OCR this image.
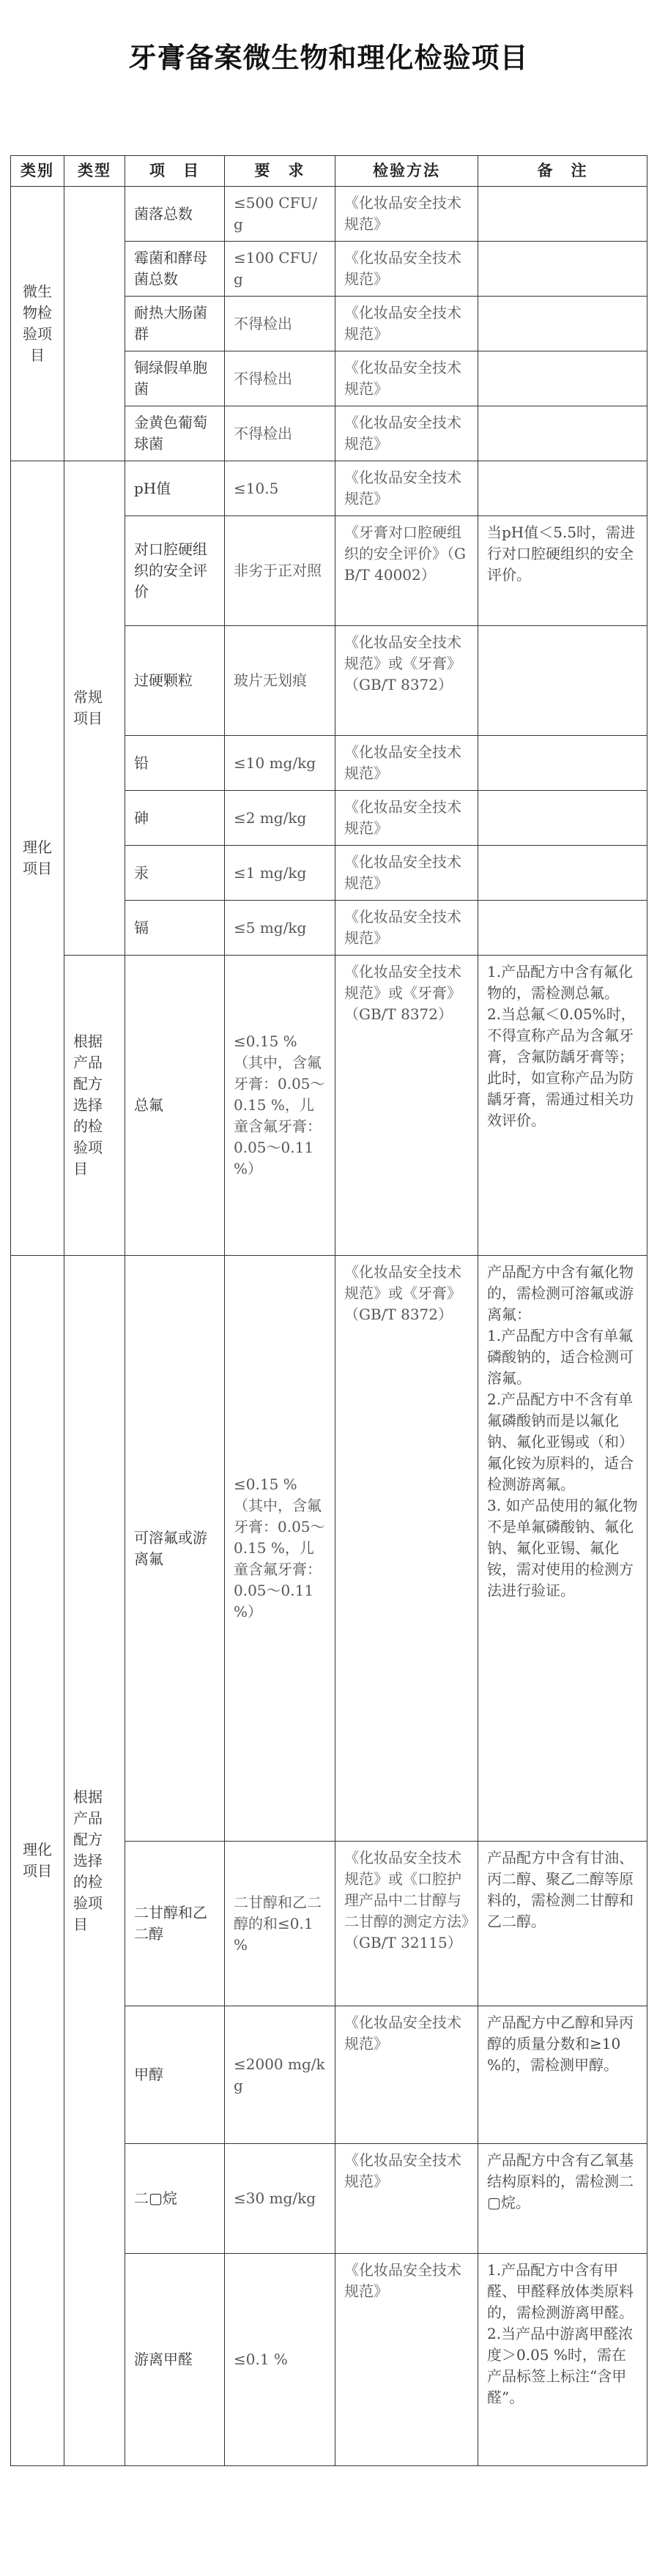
牙膏备案微生物和理化检验项目
类别	类型	项　目	要　求	检验方法	备　注
微生物检验项目		菌落总数	≤500 CFU/g	《化妆品安全技术规范》	
		霉菌和酵母菌总数	≤100 CFU/g	《化妆品安全技术规范》	
		耐热大肠菌群	不得检出	《化妆品安全技术规范》	
		铜绿假单胞菌	不得检出	《化妆品安全技术规范》	
		金黄色葡萄球菌	不得检出	《化妆品安全技术规范》	
理化项目	常规项目	pH值	≤10.5	《化妆品安全技术规范》	
		对口腔硬组织的安全评价	非劣于正对照	《牙膏对口腔硬组织的安全评价》（GB/T 40002）	当pH值＜5.5时，需进行对口腔硬组织的安全评价。
		过硬颗粒	玻片无划痕	《化妆品安全技术规范》或《牙膏》（GB/T 8372）	
		铅	≤10 mg/kg	《化妆品安全技术规范》	
		砷	≤2 mg/kg	《化妆品安全技术规范》	
		汞	≤1 mg/kg	《化妆品安全技术规范》	
		镉	≤5 mg/kg	《化妆品安全技术规范》	
	根据产品配方选择的检验项目	总氟	≤0.15 %（其中，含氟牙膏：0.05～0.15 %，儿童含氟牙膏：0.05～0.11 %）	《化妆品安全技术规范》或《牙膏》（GB/T 8372）	1.产品配方中含有氟化物的，需检测总氟。
2.当总氟＜0.05%时，不得宣称产品为含氟牙膏，含氟防龋牙膏等；此时，如宣称产品为防龋牙膏，需通过相关功效评价。
理化项目	根据产品配方选择的检验项目	可溶氟或游离氟	≤0.15 %（其中，含氟牙膏：0.05～0.15 %，儿童含氟牙膏：0.05～0.11 %）	《化妆品安全技术规范》或《牙膏》（GB/T 8372）	产品配方中含有氟化物的，需检测可溶氟或游离氟：
1.产品配方中含有单氟磷酸钠的，适合检测可溶氟。
2.产品配方中不含有单氟磷酸钠而是以氟化钠、氟化亚锡或（和）氟化铵为原料的，适合检测游离氟。
3. 如产品使用的氟化物不是单氟磷酸钠、氟化钠、氟化亚锡、氟化铵，需对使用的检测方法进行验证。
		二甘醇和乙二醇	二甘醇和乙二醇的和≤0.1 %	《化妆品安全技术规范》或《口腔护理产品中二甘醇与二甘醇的测定方法》（GB/T 32115）	产品配方中含有甘油、丙二醇、聚乙二醇等原料的，需检测二甘醇和乙二醇。
		甲醇	≤2000 mg/kg	《化妆品安全技术规范》	产品配方中乙醇和异丙醇的质量分数和≥10 %的，需检测甲醇。
		二▢烷	≤30 mg/kg	《化妆品安全技术规范》	产品配方中含有乙氧基结构原料的，需检测二▢烷。
		游离甲醛	≤0.1 %	《化妆品安全技术规范》	1.产品配方中含有甲醛、甲醛释放体类原料的，需检测游离甲醛。
2.当产品中游离甲醛浓度＞0.05 %时，需在产品标签上标注“含甲醛”。
